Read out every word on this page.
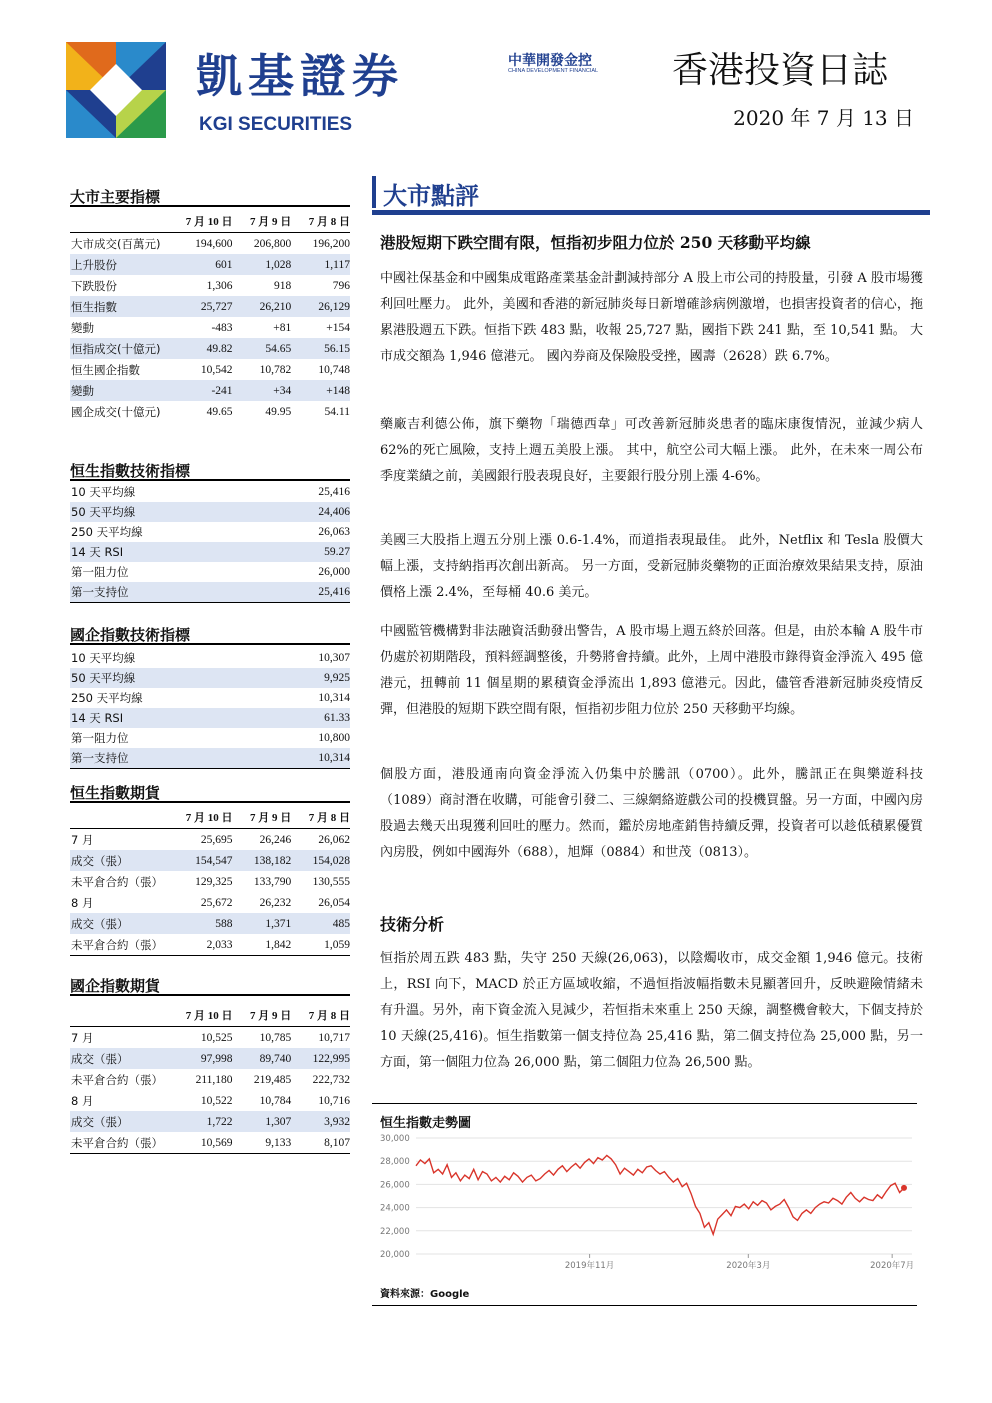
凱基證券
KGI SECURITIES
中華開發金控
CHINA DEVELOPMENT FINANCIAL 香港投資日誌
2020 年 7 月 13 日
大市主要指標
	7 月 10 日	7 月 9 日	7 月 8 日
大市成交(百萬元)	194,600	206,800	196,200
上升股份	601	1,028	1,117
下跌股份	1,306	918	796
恒生指數	25,727	26,210	26,129
變動	-483	+81	+154
恒指成交(十億元)	49.82	54.65	56.15
恒生國企指數	10,542	10,782	10,748
變動	-241	+34	+148
國企成交(十億元)	49.65	49.95	54.11
恒生指數技術指標
10 天平均線	25,416
50 天平均線	24,406
250 天平均線	26,063
14 天 RSI	59.27
第一阻力位	26,000
第一支持位	25,416
國企指數技術指標
10 天平均線	10,307
50 天平均線	9,925
250 天平均線	10,314
14 天 RSI	61.33
第一阻力位	10,800
第一支持位	10,314
恒生指數期貨
	7 月 10 日	7 月 9 日	7 月 8 日
7 月	25,695	26,246	26,062
成交（張）	154,547	138,182	154,028
未平倉合約（張）	129,325	133,790	130,555
8 月	25,672	26,232	26,054
成交（張）	588	1,371	485
未平倉合約（張）	2,033	1,842	1,059
國企指數期貨
	7 月 10 日	7 月 9 日	7 月 8 日
7 月	10,525	10,785	10,717
成交（張）	97,998	89,740	122,995
未平倉合約（張）	211,180	219,485	222,732
8 月	10,522	10,784	10,716
成交（張）	1,722	1,307	3,932
未平倉合約（張）	10,569	9,133	8,107
大市點評
港股短期下跌空間有限，恒指初步阻力位於 250 天移動平均線
中國社保基金和中國集成電路產業基金計劃減持部分 A 股上市公司的持股量，引發 A 股市場獲利回吐壓力。 此外，美國和香港的新冠肺炎每日新增確診病例激增，也損害投資者的信心，拖累港股週五下跌。恒指下跌 483 點，收報 25,727 點，國指下跌 241 點，至 10,541 點。 大市成交額為 1,946 億港元。 國內券商及保險股受挫，國壽（2628）跌 6.7%。
藥廠吉利德公佈，旗下藥物「瑞德西韋」可改善新冠肺炎患者的臨床康復情況，並減少病人 62%的死亡風險，支持上週五美股上漲。 其中，航空公司大幅上漲。 此外，在未來一周公布季度業績之前，美國銀行股表現良好，主要銀行股分別上漲 4-6%。
美國三大股指上週五分別上漲 0.6-1.4%，而道指表現最佳。 此外，Netflix 和 Tesla 股價大幅上漲，支持納指再次創出新高。 另一方面，受新冠肺炎藥物的正面治療效果結果支持，原油價格上漲 2.4%，至每桶 40.6 美元。
中國監管機構對非法融資活動發出警告，A 股市場上週五終於回落。但是，由於本輪 A 股牛市仍處於初期階段，預料經調整後，升勢將會持續。此外，上周中港股市錄得資金淨流入 495 億港元，扭轉前 11 個星期的累積資金淨流出 1,893 億港元。因此，儘管香港新冠肺炎疫情反彈，但港股的短期下跌空間有限，恒指初步阻力位於 250 天移動平均線。
個股方面，港股通南向資金淨流入仍集中於騰訊（0700）。此外，騰訊正在與樂遊科技（1089）商討潛在收購，可能會引發二、三線網絡遊戲公司的投機買盤。另一方面，中國內房股過去幾天出現獲利回吐的壓力。然而，鑑於房地產銷售持續反彈，投資者可以趁低積累優質內房股，例如中國海外（688），旭輝（0884）和世茂（0813）。
技術分析
恒指於周五跌 483 點，失守 250 天線(26,063)，以陰燭收市，成交金額 1,946 億元。技術上，RSI 向下，MACD 於正方區域收縮，不過恒指波幅指數未見顯著回升，反映避險情緒未有升溫。另外，南下資金流入見減少，若恒指未來重上 250 天線，調整機會較大，下個支持於 10 天線(25,416)。恒生指數第一個支持位為 25,416 點，第二個支持位為 25,000 點，另一方面，第一個阻力位為 26,000 點，第二個阻力位為 26,500 點。
恒生指數走勢圖
30,000
28,000
26,000
24,000
22,000
20,000
2019年11月	2020年3月	2020年7月
資料來源：Google
